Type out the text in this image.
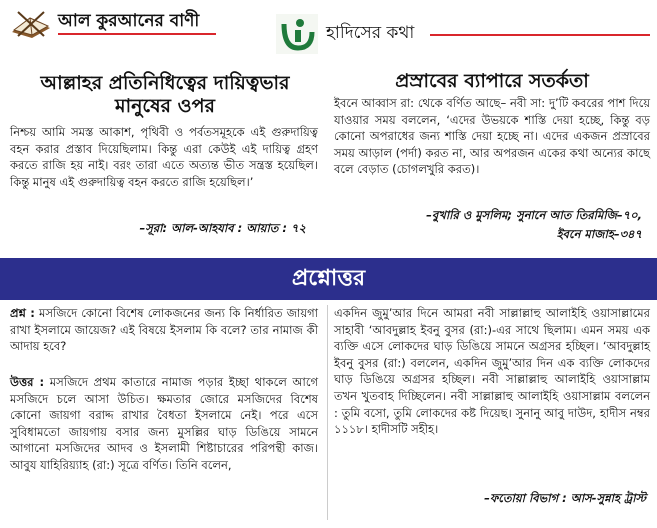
আল কুরআনের বাণী
হাদিসের কথা
আল্লাহর প্রতিনিধিত্বের দায়িত্বভার মানুষের ওপর
নিশ্চয় আমি সমস্ত আকাশ, পৃথিবী ও পর্বতসমূহকে এই গুরুদায়িত্ব বহন করার প্রস্তাব দিয়েছিলাম। কিন্তু এরা কেউই এই দায়িত্ব গ্রহণ করতে রাজি হয় নাই। বরং তারা এতে অত্যন্ত ভীত সন্ত্রস্ত হয়েছিল। কিন্তু মানুষ এই গুরুদায়িত্ব বহন করতে রাজি হয়েছিল।’
–সূরা: আল-আহযাব : আয়াত : ৭২
প্রস্রাবের ব্যাপারে সতর্কতা
ইবনে আব্বাস রা: থেকে বর্ণিত আছে– নবী সা: দু’টি কবরের পাশ দিয়ে যাওয়ার সময় বললেন, ‘এদের উভয়কে শাস্তি দেয়া হচ্ছে, কিন্তু বড় কোনো অপরাধের জন্য শাস্তি দেয়া হচ্ছে না। এদের একজন প্রস্রাবের সময় আড়াল (পর্দা) করত না, আর অপরজন একের কথা অন্যের কাছে বলে বেড়াত (চোগলখুরি করত)।
–বুখারি ও মুসলিম; সুনানে আত তিরমিজি–৭০,
ইবনে মাজাহ–৩৪৭
প্রশ্নোত্তর
প্রশ্ন : মসজিদে কোনো বিশেষ লোকজনের জন্য কি নির্ধারিত জায়গা রাখা ইসলামে জায়েজ? এই বিষয়ে ইসলাম কি বলে? তার নামাজ কী আদায় হবে?
উত্তর : মসজিদে প্রথম কাতারে নামাজ পড়ার ইচ্ছা থাকলে আগে মসজিদে চলে আসা উচিত। ক্ষমতার জোরে মসজিদের বিশেষ কোনো জায়গা বরাদ্দ রাখার বৈধতা ইসলামে নেই। পরে এসে সুবিধামতো জায়গায় বসার জন্য মুসল্লির ঘাড় ডিঙিয়ে সামনে আগানো মসজিদের আদব ও ইসলামী শিষ্টাচারের পরিপন্থী কাজ। আবুয যাহিরিয়্যাহ (রা:) সূত্রে বর্ণিত। তিনি বলেন,
একদিন জুমু’আর দিনে আমরা নবী সাল্লাল্লাহু আলাইহি ওয়াসাল্লামের সাহাবী ‘আবদুল্লাহ ইবনু বুসর (রা:)-এর সাথে ছিলাম। এমন সময় এক ব্যক্তি এসে লোকদের ঘাড় ডিঙিয়ে সামনে অগ্রসর হচ্ছিল। ‘আবদুল্লাহ ইবনু বুসর (রা:) বললেন, একদিন জুমু’আর দিন এক ব্যক্তি লোকদের ঘাড় ডিঙিয়ে অগ্রসর হচ্ছিল। নবী সাল্লাল্লাহু আলাইহি ওয়াসাল্লাম তখন খুতবাহ দিচ্ছিলেন। নবী সাল্লাল্লাহু আলাইহি ওয়াসাল্লাম বললেন : তুমি বসো, তুমি লোকদের কষ্ট দিয়েছ। সুনানু আবু দাউদ, হাদীস নম্বর ১১১৮। হাদীসটি সহীহ।
–ফতোয়া বিভাগ : আস-সুন্নাহ ট্রাস্ট
